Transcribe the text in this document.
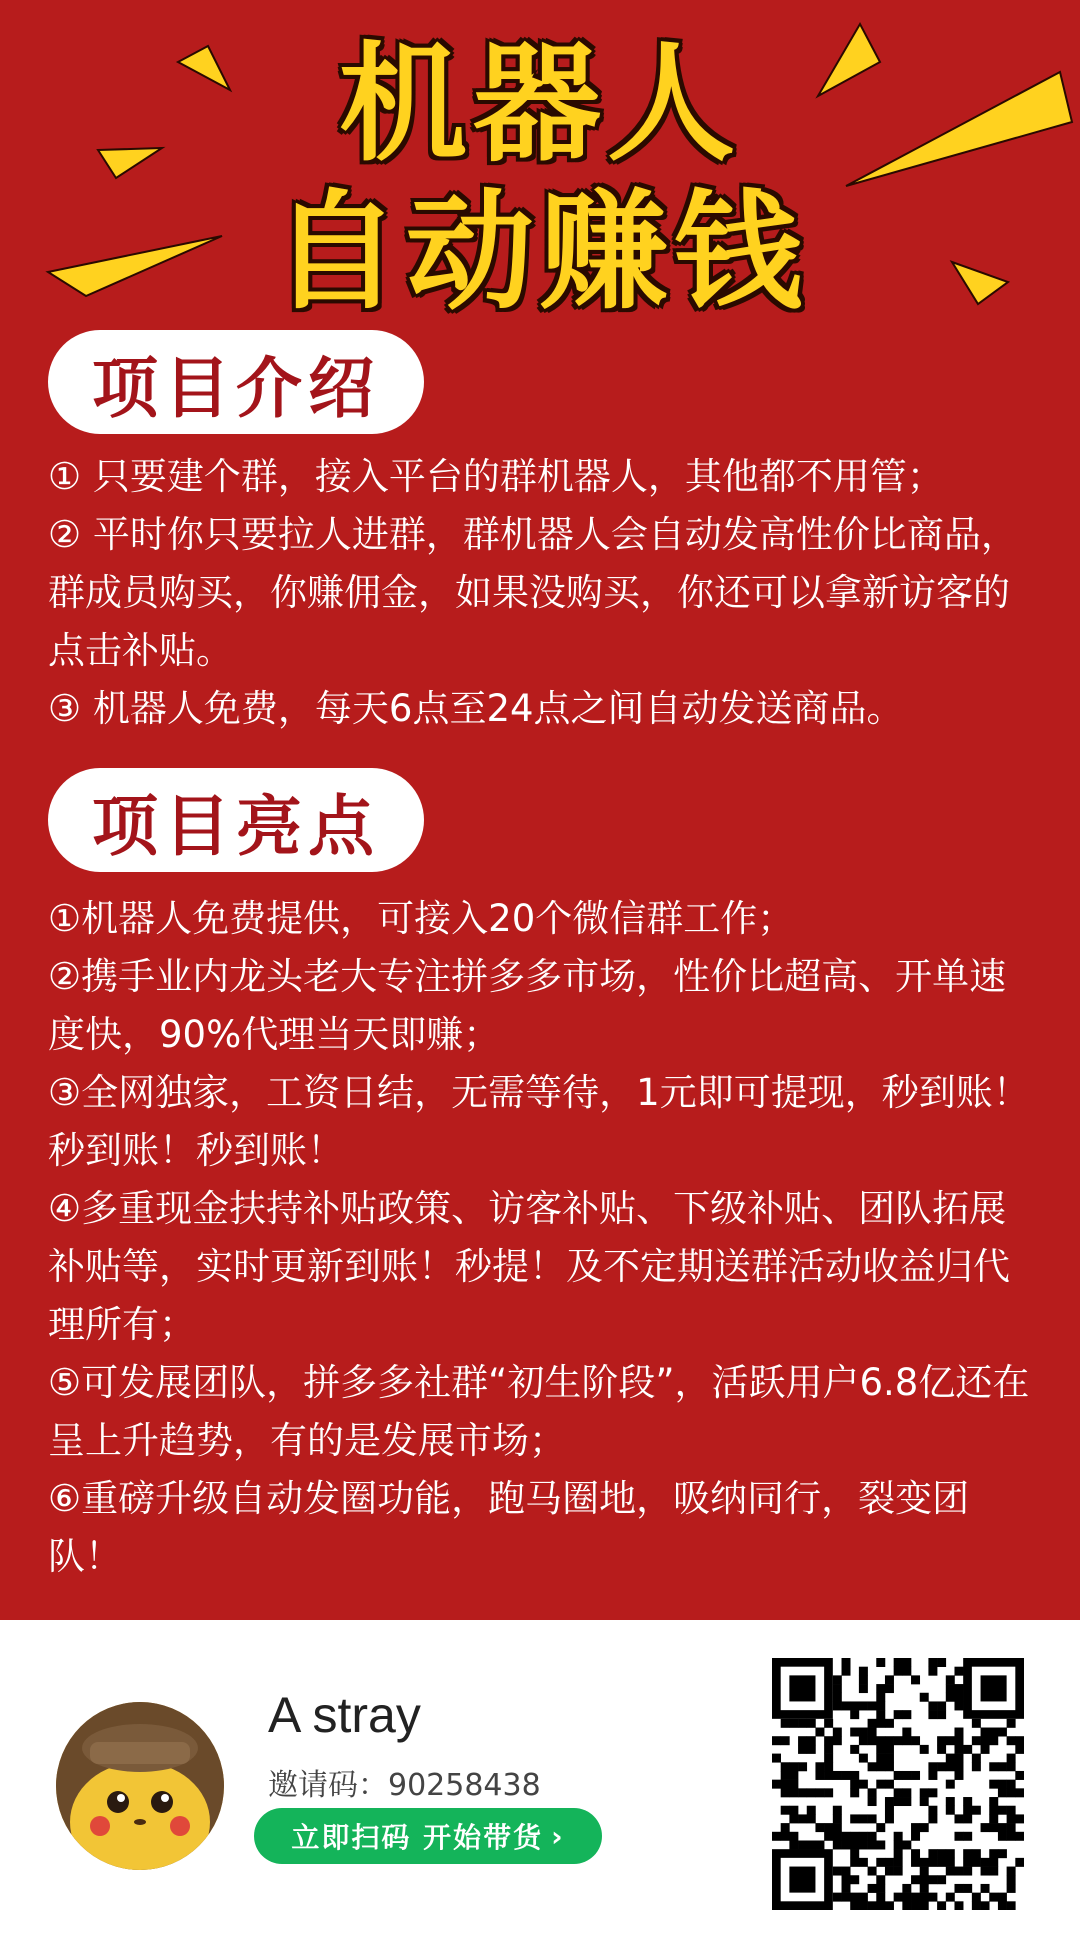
机器人
自动赚钱
项目介绍

① 只要建个群，接入平台的群机器人，其他都不用管；

② 平时你只要拉人进群，群机器人会自动发高性价比商品，群成员购买，你赚佣金，如果没购买，你还可以拿新访客的点击补贴。

③ 机器人免费，每天6点至24点之间自动发送商品。

项目亮点

①机器人免费提供，可接入20个微信群工作；

②携手业内龙头老大专注拼多多市场，性价比超高、开单速度快，90%代理当天即赚；

③全网独家，工资日结，无需等待，1元即可提现，秒到账！秒到账！秒到账！

④多重现金扶持补贴政策、访客补贴、下级补贴、团队拓展补贴等，实时更新到账！秒提！及不定期送群活动收益归代理所有；

⑤可发展团队，拼多多社群“初生阶段”，活跃用户6.8亿还在呈上升趋势，有的是发展市场；

⑥重磅升级自动发圈功能，跑马圈地，吸纳同行，裂变团队！

A stray
邀请码：90258438
立即扫码 开始带货 ›
